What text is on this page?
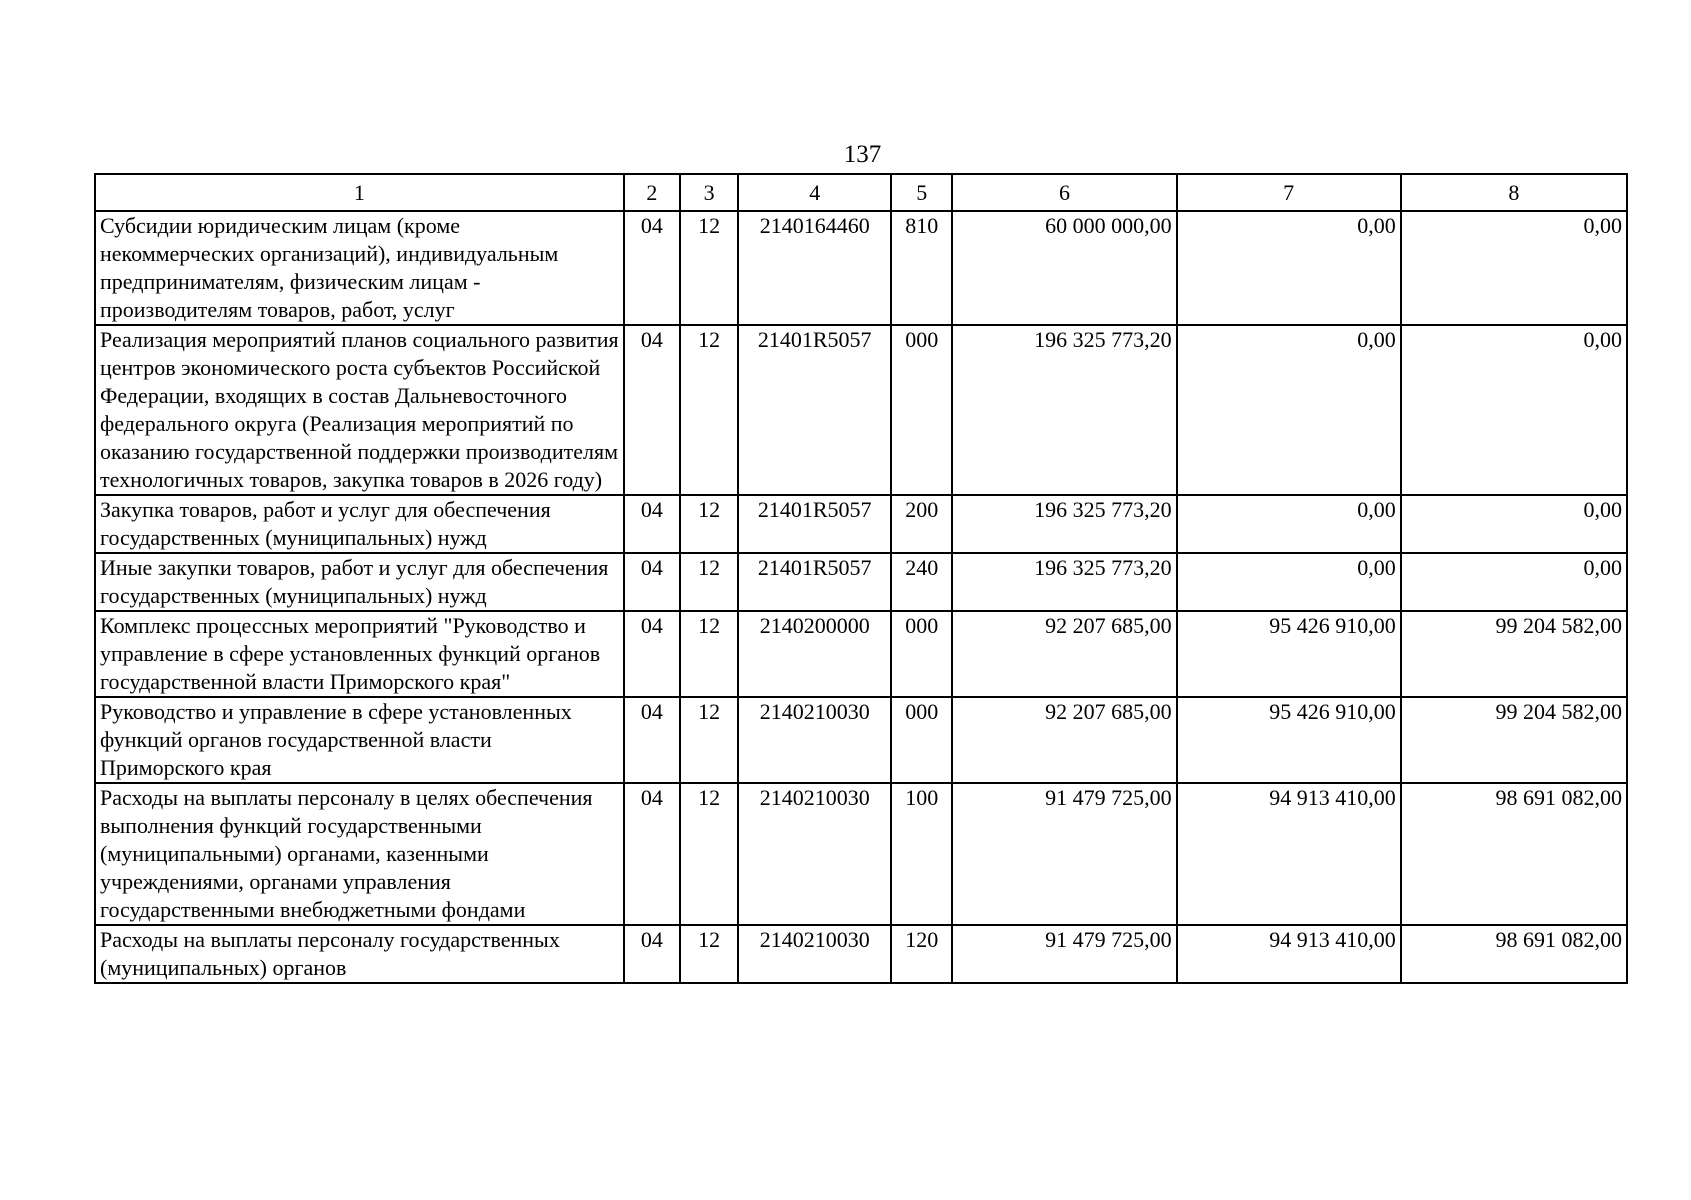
137
1	2	3	4	5	6	7	8
Субсидии юридическим лицам (кроме некоммерческих организаций), индивидуальным предпринимателям, физическим лицам - производителям товаров, работ, услуг	04	12	2140164460	810	60 000 000,00	0,00	0,00
Реализация мероприятий планов социального развития центров экономического роста субъектов Российской Федерации, входящих в состав Дальневосточного федерального округа (Реализация мероприятий по оказанию государственной поддержки производителям технологичных товаров, закупка товаров в 2026 году)	04	12	21401R5057	000	196 325 773,20	0,00	0,00
Закупка товаров, работ и услуг для обеспечения государственных (муниципальных) нужд	04	12	21401R5057	200	196 325 773,20	0,00	0,00
Иные закупки товаров, работ и услуг для обеспечения государственных (муниципальных) нужд	04	12	21401R5057	240	196 325 773,20	0,00	0,00
Комплекс процессных мероприятий "Руководство и управление в сфере установленных функций органов государственной власти Приморского края"	04	12	2140200000	000	92 207 685,00	95 426 910,00	99 204 582,00
Руководство и управление в сфере установленных функций органов государственной власти Приморского края	04	12	2140210030	000	92 207 685,00	95 426 910,00	99 204 582,00
Расходы на выплаты персоналу в целях обеспечения выполнения функций государственными (муниципальными) органами, казенными учреждениями, органами управления государственными внебюджетными фондами	04	12	2140210030	100	91 479 725,00	94 913 410,00	98 691 082,00
Расходы на выплаты персоналу государственных (муниципальных) органов	04	12	2140210030	120	91 479 725,00	94 913 410,00	98 691 082,00
